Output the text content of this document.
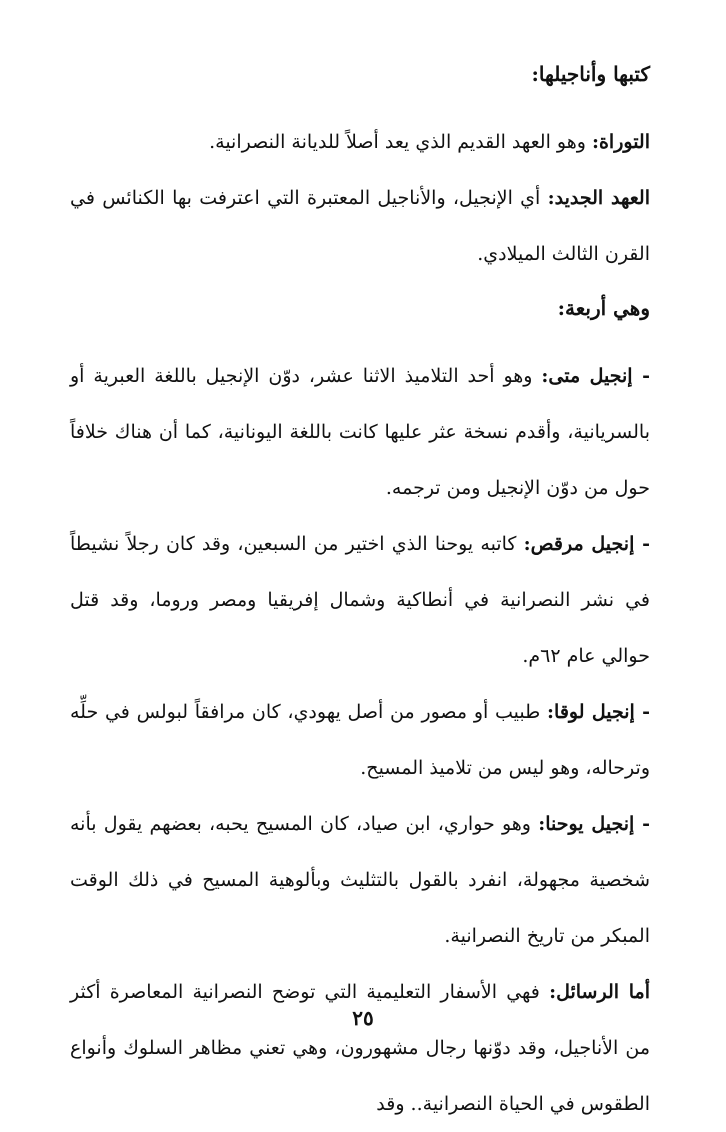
كتبها وأناجيلها:

التوراة: وهو العهد القديم الذي يعد أصلاً للديانة النصرانية.

العهد الجديد: أي الإنجيل، والأناجيل المعتبرة التي اعترفت بها الكنائس في القرن الثالث الميلادي.

وهي أربعة:

- إنجيل متى: وهو أحد التلاميذ الاثنا عشر، دوّن الإنجيل باللغة العبرية أو بالسريانية، وأقدم نسخة عثر عليها كانت باللغة اليونانية، كما أن هناك خلافاً حول من دوّن الإنجيل ومن ترجمه.

- إنجيل مرقص: كاتبه يوحنا الذي اختير من السبعين، وقد كان رجلاً نشيطاً في نشر النصرانية في أنطاكية وشمال إفريقيا ومصر وروما، وقد قتل حوالي عام ٦٢م.

- إنجيل لوقا: طبيب أو مصور من أصل يهودي، كان مرافقاً لبولس في حلِّه وترحاله، وهو ليس من تلاميذ المسيح.

- إنجيل يوحنا: وهو حواري، ابن صياد، كان المسيح يحبه، بعضهم يقول بأنه شخصية مجهولة، انفرد بالقول بالتثليث وبألوهية المسيح في ذلك الوقت المبكر من تاريخ النصرانية.

أما الرسائل: فهي الأسفار التعليمية التي توضح النصرانية المعاصرة أكثر من الأناجيل، وقد دوّنها رجال مشهورون، وهي تعني مظاهر السلوك وأنواع الطقوس في الحياة النصرانية.. وقد

٢٥
